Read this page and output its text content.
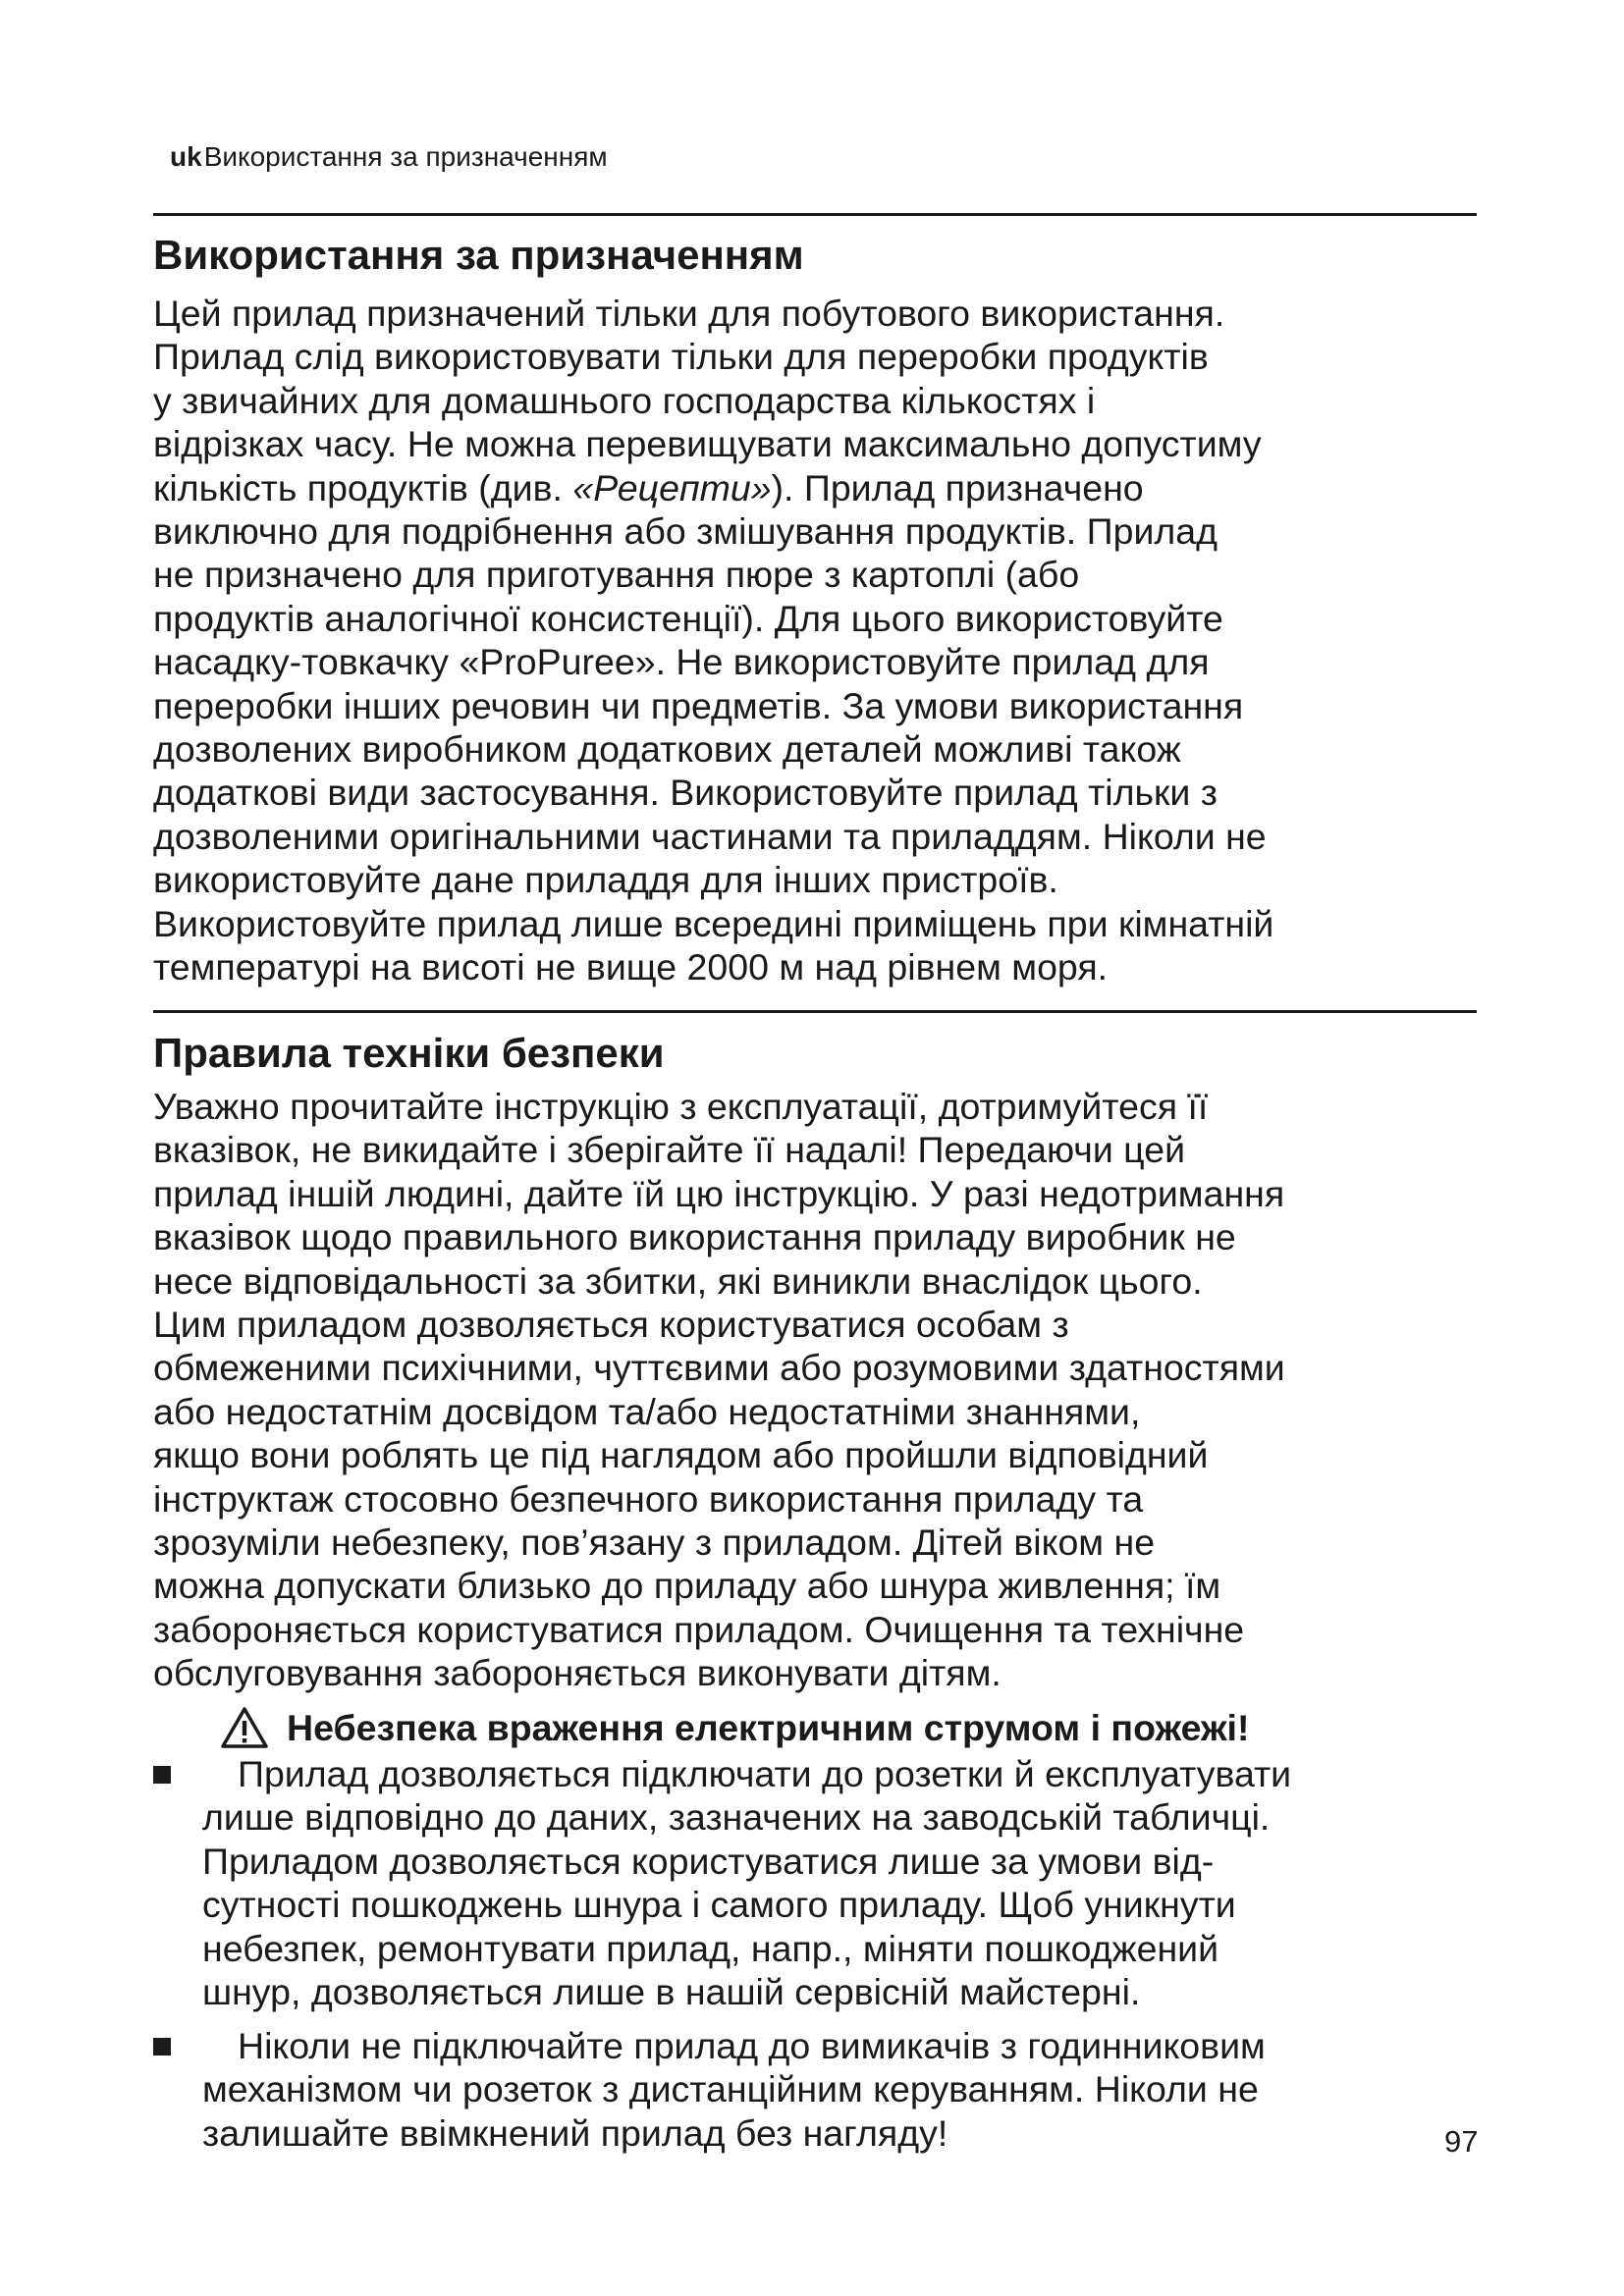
ukВикористання за призначенням
Використання за призначенням
Цей прилад призначений тільки для побутового використання.
Прилад слід використовувати тільки для переробки продуктів
у звичайних для домашнього господарства кількостях і
відрізках часу. Не можна перевищувати максимально допустиму
кількість продуктів (див. «Рецепти»). Прилад призначено
виключно для подрібнення або змішування продуктів. Прилад
не призначено для приготування пюре з картоплі (або
продуктів аналогічної консистенції). Для цього використовуйте
насадку-товкачку «ProPuree». Не використовуйте прилад для
переробки інших речовин чи предметів. За умови використання
дозволених виробником додаткових деталей можливі також
додаткові види застосування. Використовуйте прилад тільки з
дозволеними оригінальними частинами та приладдям. Ніколи не
використовуйте дане приладдя для інших пристроїв.
Використовуйте прилад лише всередині приміщень при кімнатній
температурі на висоті не вище 2000 м над рівнем моря.
Правила техніки безпеки
Уважно прочитайте інструкцію з експлуатації, дотримуйтеся її
вказівок, не викидайте і зберігайте її надалі! Передаючи цей
прилад іншій людині, дайте їй цю інструкцію. У разі недотримання
вказівок щодо правильного використання приладу виробник не
несе відповідальності за збитки, які виникли внаслідок цього.
Цим приладом дозволяється користуватися особам з
обмеженими психічними, чуттєвими або розумовими здатностями
або недостатнім досвідом та/або недостатніми знаннями,
якщо вони роблять це під наглядом або пройшли відповідний
інструктаж стосовно безпечного використання приладу та
зрозуміли небезпеку, пов’язану з приладом. Дітей віком не
можна допускати близько до приладу або шнура живлення; їм
забороняється користуватися приладом. Очищення та технічне
обслуговування забороняється виконувати дітям.
Небезпека враження електричним струмом і пожежі!

Прилад дозволяється підключати до розетки й експлуатувати
лише відповідно до даних, зазначених на заводській табличці.
Приладом дозволяється користуватися лише за умови від-
сутності пошкоджень шнура і самого приладу. Щоб уникнути
небезпек, ремонтувати прилад, напр., міняти пошкоджений
шнур, дозволяється лише в нашій сервісній майстерні.

Ніколи не підключайте прилад до вимикачів з годинниковим
механізмом чи розеток з дистанційним керуванням. Ніколи не
залишайте ввімкнений прилад без нагляду!	97
